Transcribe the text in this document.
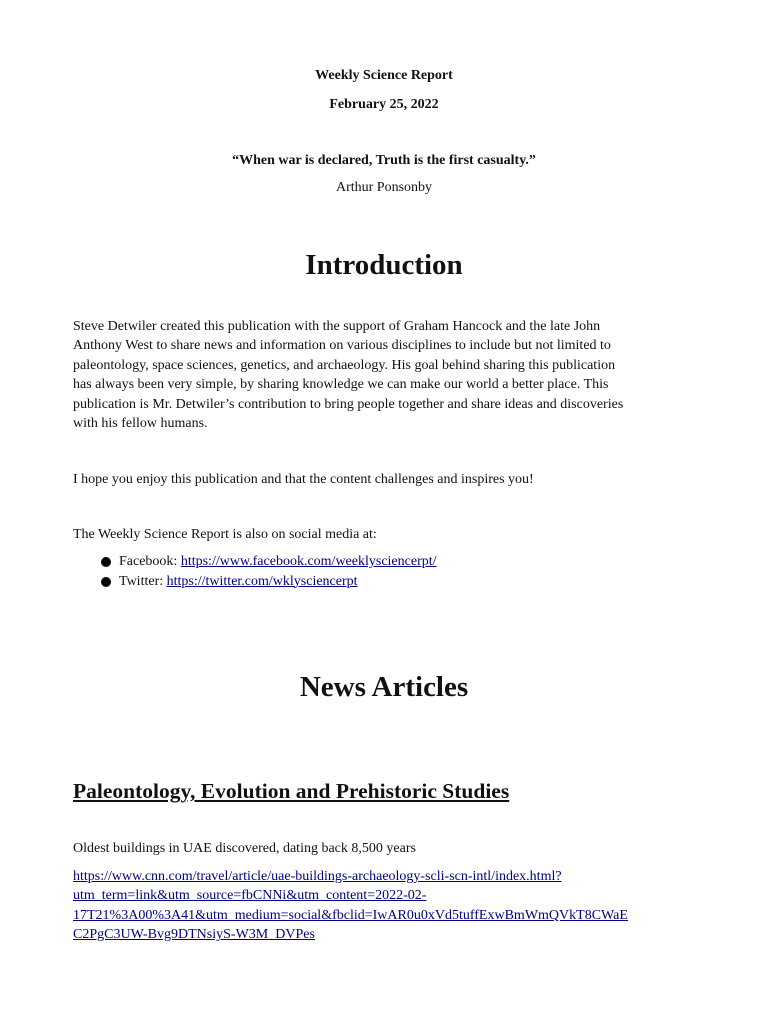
Weekly Science Report
February 25, 2022
“When war is declared, Truth is the first casualty.”
Arthur Ponsonby
Introduction
Steve Detwiler created this publication with the support of Graham Hancock and the late John
Anthony West to share news and information on various disciplines to include but not limited to
paleontology, space sciences, genetics, and archaeology. His goal behind sharing this publication
has always been very simple, by sharing knowledge we can make our world a better place. This
publication is Mr. Detwiler’s contribution to bring people together and share ideas and discoveries
with his fellow humans.
I hope you enjoy this publication and that the content challenges and inspires you!
The Weekly Science Report is also on social media at:
Facebook: https://www.facebook.com/weeklysciencerpt/
Twitter: https://twitter.com/wklysciencerpt
News Articles
Paleontology, Evolution and Prehistoric Studies
Oldest buildings in UAE discovered, dating back 8,500 years
https://www.cnn.com/travel/article/uae-buildings-archaeology-scli-scn-intl/index.html?
utm_term=link&utm_source=fbCNNi&utm_content=2022-02-
17T21%3A00%3A41&utm_medium=social&fbclid=IwAR0u0xVd5tuffExwBmWmQVkT8CWaE
C2PgC3UW-Bvg9DTNsiyS-W3M_DVPes
